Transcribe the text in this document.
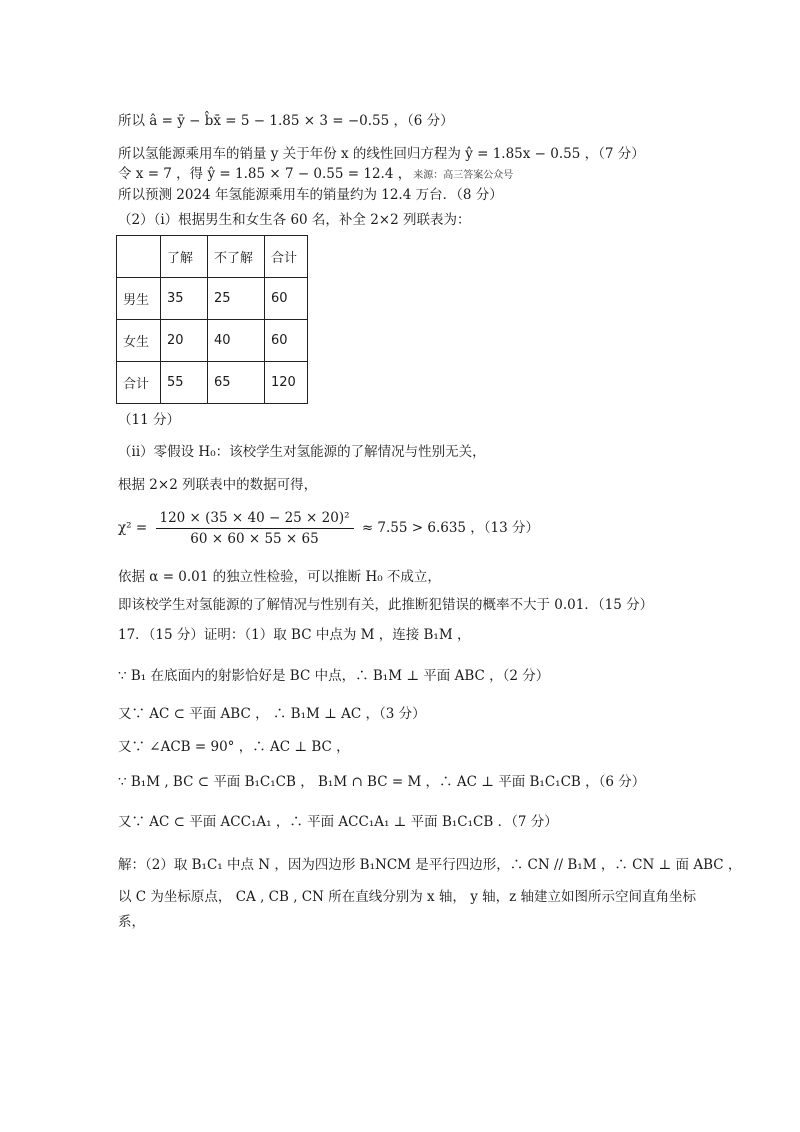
所以 â = ȳ − b̂x̄ = 5 − 1.85 × 3 = −0.55 ，（6 分）
所以氢能源乘用车的销量 y 关于年份 x 的线性回归方程为 ŷ = 1.85x − 0.55 ，（7 分）
令 x = 7 ，得 ŷ = 1.85 × 7 − 0.55 = 12.4 ， 来源：高三答案公众号
所以预测 2024 年氢能源乘用车的销量约为 12.4 万台．（8 分）
（2）（i）根据男生和女生各 60 名，补全 2×2 列联表为：
	了解	不了解	合计
男生	35	25	60
女生	20	40	60
合计	55	65	120
（11 分）
（ii）零假设 H₀：该校学生对氢能源的了解情况与性别无关，
根据 2×2 列联表中的数据可得，
$\chi^2 = \frac{\text{120 × (35 × 40 − 25 × 20)²}}{60 \times 60 \times 55 \times 65} \approx 7.55 > 6.635$ ，（13 分）
依据 α = 0.01 的独立性检验，可以推断 H₀ 不成立，
即该校学生对氢能源的了解情况与性别有关，此推断犯错误的概率不大于 0.01．（15 分）
17．（15 分）证明：（1）取 BC 中点为 M ，连接 B₁M ，
∵ B₁ 在底面内的射影恰好是 BC 中点，∴ B₁M ⊥ 平面 ABC ，（2 分）
又∵ AC ⊂ 平面 ABC ， ∴ B₁M ⊥ AC ，（3 分）
又∵ ∠ACB = 90° ，∴ AC ⊥ BC ，
∵ B₁M , BC ⊂ 平面 B₁C₁CB ， B₁M ∩ BC = M ，∴ AC ⊥ 平面 B₁C₁CB ，（6 分）
又∵ AC ⊂ 平面 ACC₁A₁ ，∴ 平面 ACC₁A₁ ⊥ 平面 B₁C₁CB ．（7 分）
解：（2）取 B₁C₁ 中点 N ，因为四边形 B₁NCM 是平行四边形，∴ CN // B₁M ，∴ CN ⊥ 面 ABC ，
以 C 为坐标原点， CA , CB , CN 所在直线分别为 x 轴， y 轴，z 轴建立如图所示空间直角坐标
系，
